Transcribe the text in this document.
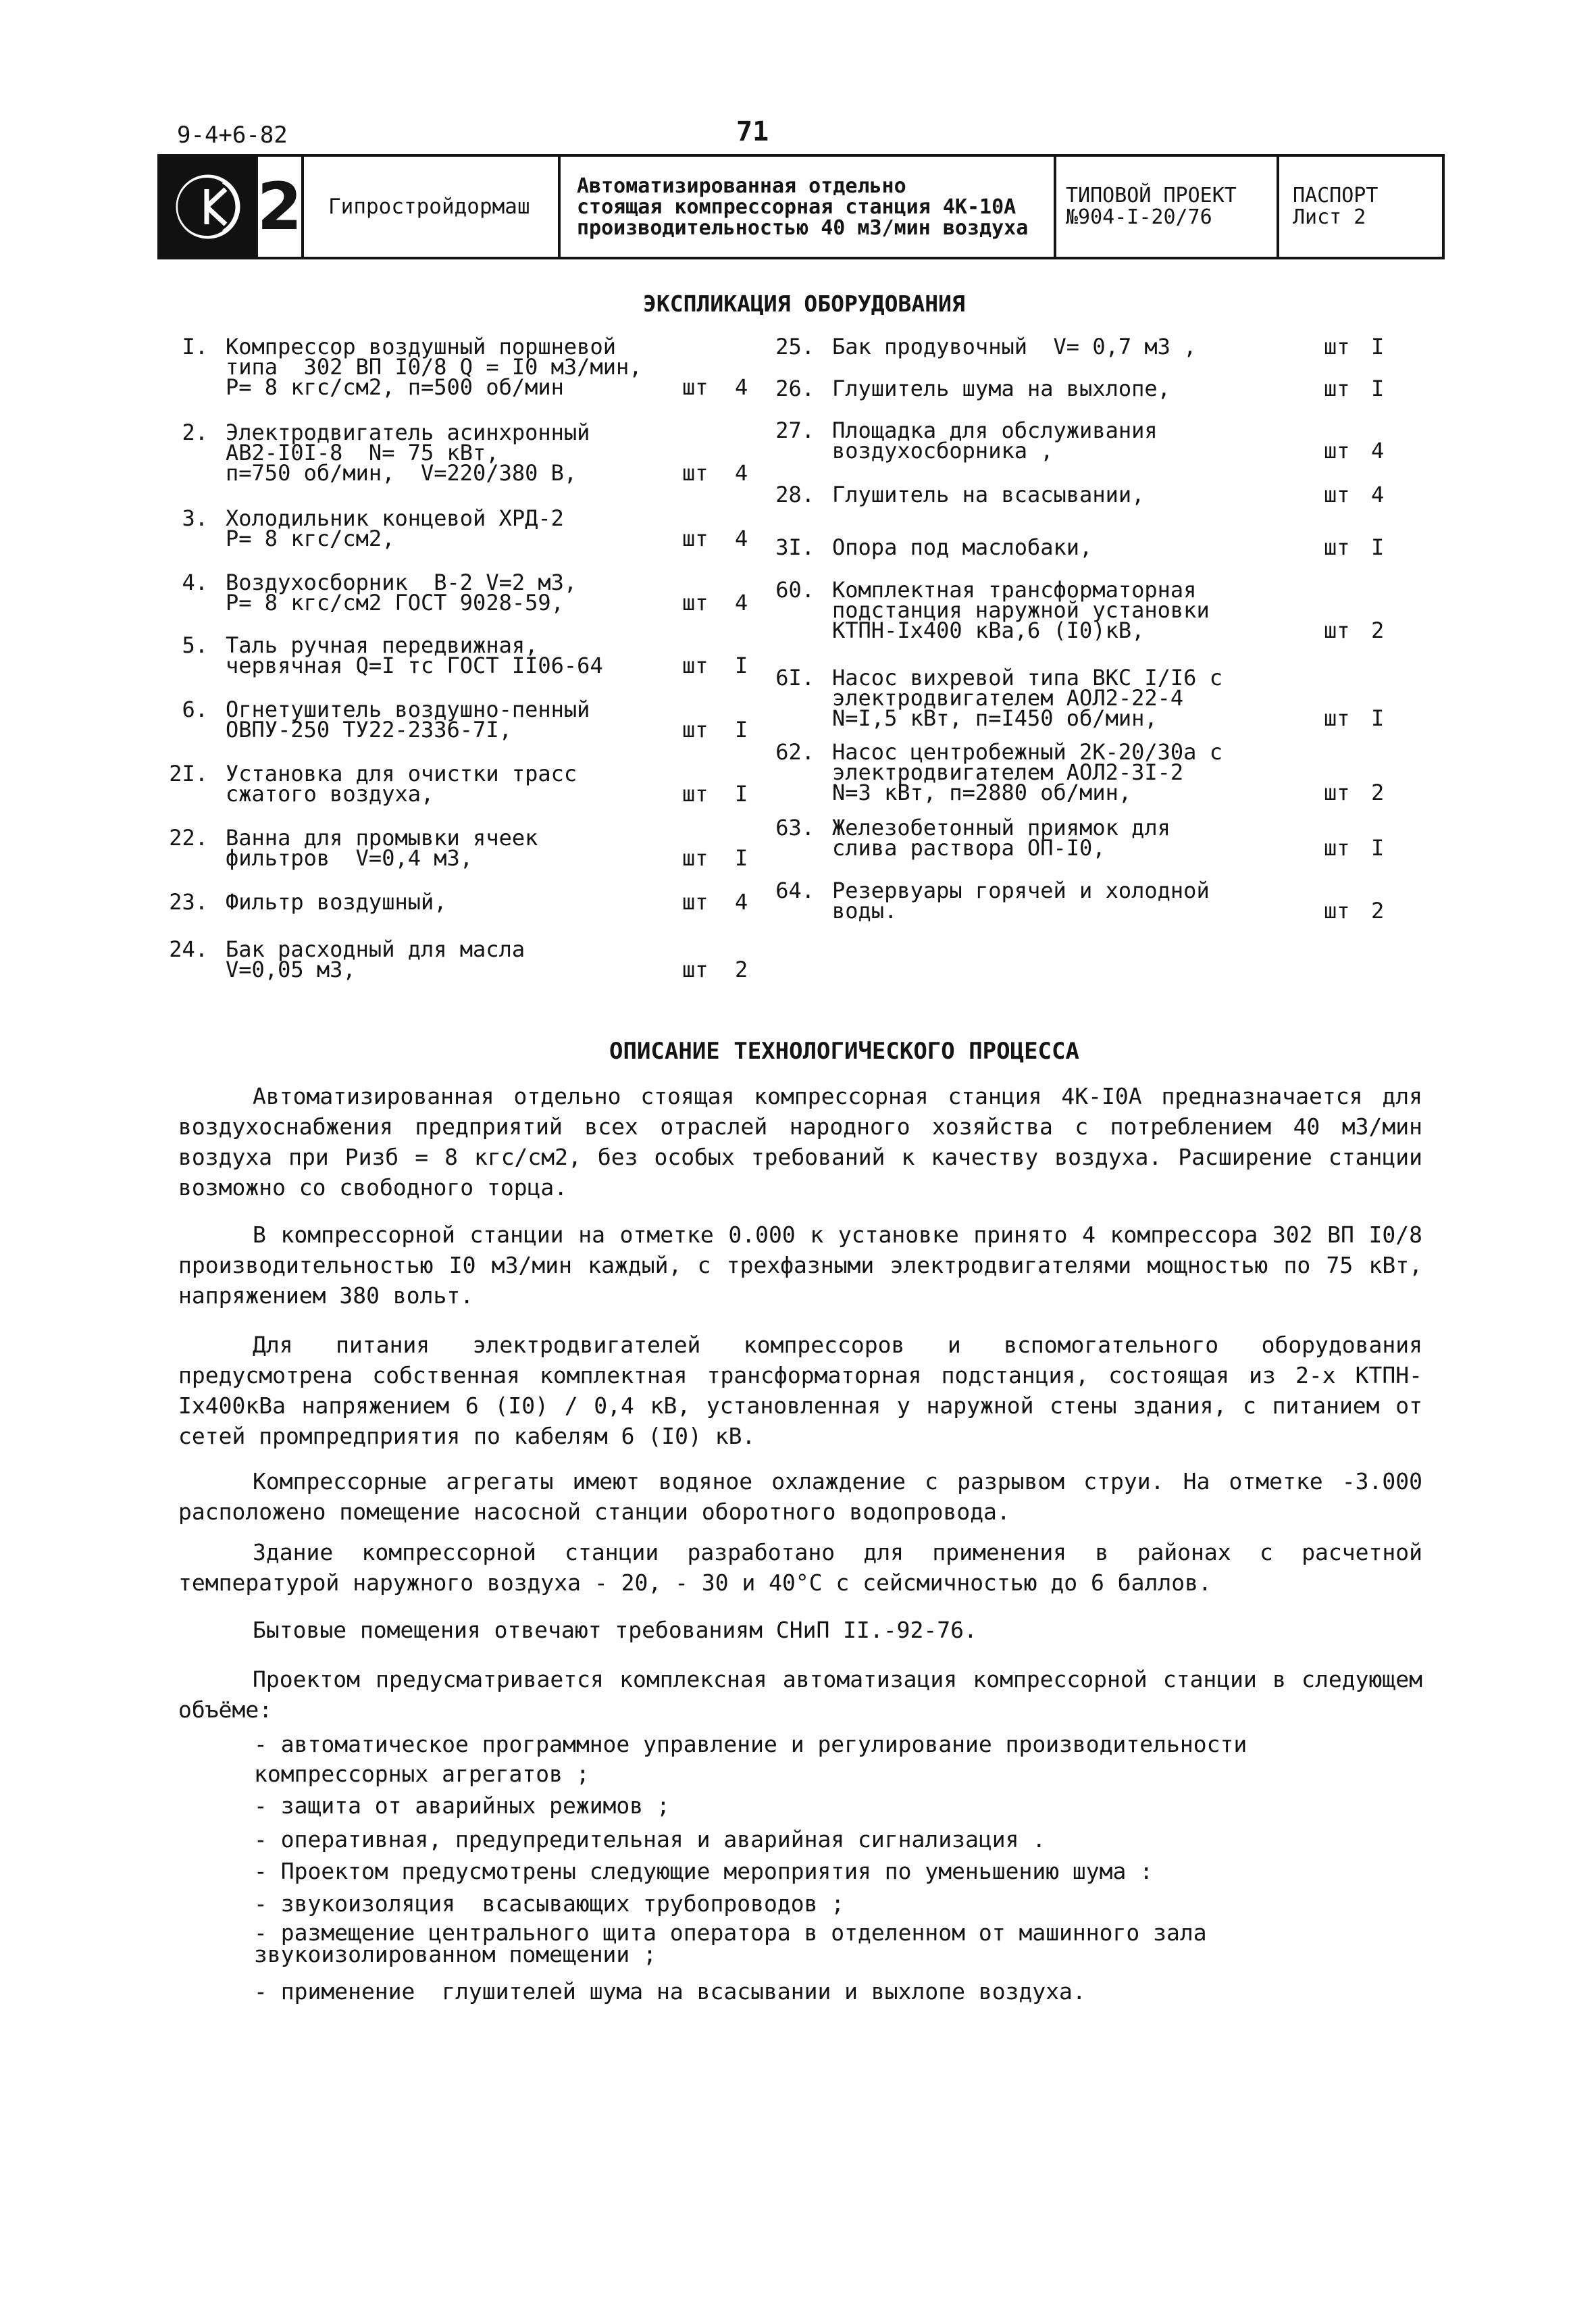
9-4+6-82	71
2	Гипростройдормаш
Автоматизированная отдельно
стоящая компрессорная станция 4К-10А
производительностью 40 м3/мин воздуха
ТИПОВОЙ ПРОЕКТ
№904-I-20/76
ПАСПОРТ
Лист 2
ЭКСПЛИКАЦИЯ ОБОРУДОВАНИЯ
I. Компрессор воздушный поршневой
типа  302 ВП I0/8 Q = I0 м3/мин,
P= 8 кгс/см2, п=500 об/мин	шт 4
2. Электродвигатель асинхронный
АВ2-I0I-8  N= 75 кВт,
п=750 об/мин,  V=220/380 В,	шт 4
3. Холодильник концевой ХРД-2
P= 8 кгс/см2,	шт 4
4. Воздухосборник  В-2 V=2 м3,
P= 8 кгс/см2 ГОСТ 9028-59,	шт 4
5. Таль ручная передвижная,
червячная Q=I тс ГОСТ II06-64	шт I
6. Огнетушитель воздушно-пенный
ОВПУ-250 ТУ22-2336-7I,	шт I
2I. Установка для очистки трасс
сжатого воздуха,	шт I
22. Ванна для промывки ячеек
фильтров  V=0,4 м3,	шт I
23. Фильтр воздушный,	шт 4
24. Бак расходный для масла
V=0,05 м3,	шт 2
25. Бак продувочный  V= 0,7 м3 ,	шт I
26. Глушитель шума на выхлопе,	шт I
27. Площадка для обслуживания
воздухосборника ,	шт 4
28. Глушитель на всасывании,	шт 4
3I. Опора под маслобаки,	шт I
60. Комплектная трансформаторная
подстанция наружной установки
КТПН-Iх400 кВа,6 (I0)кВ,	шт 2
6I. Насос вихревой типа ВКС I/I6 с
электродвигателем АОЛ2-22-4
N=I,5 кВт, п=I450 об/мин,	шт I
62. Насос центробежный 2К-20/30а с
электродвигателем АОЛ2-3I-2
N=3 кВт, п=2880 об/мин,	шт 2
63. Железобетонный приямок для
слива раствора ОП-I0,	шт I
64. Резервуары горячей и холодной
воды.	шт 2
ОПИСАНИЕ ТЕХНОЛОГИЧЕСКОГО ПРОЦЕССА
Автоматизированная отдельно стоящая компрессорная станция 4К-I0А предназначается для воздухоснабжения предприятий всех отраслей народного хозяйства с потреблением 40 м3/мин воздуха при Ризб = 8 кгс/см2, без особых требований к качеству воздуха. Расширение станции возможно со свободного торца.
В компрессорной станции на отметке 0.000 к установке принято 4 компрессора 302 ВП I0/8 производительностью I0 м3/мин каждый, с трехфазными электродвигателями мощностью по 75 кВт, напряжением 380 вольт.
Для питания электродвигателей компрессоров и вспомогательного оборудования предусмотрена собственная комплектная трансформаторная подстанция, состоящая из 2-х КТПН-Iх400кВа напряжением 6 (I0) / 0,4 кВ, установленная у наружной стены здания, с питанием от сетей промпредприятия по кабелям 6 (I0) кВ.
Компрессорные агрегаты имеют водяное охлаждение с разрывом струи. На отметке -3.000 расположено помещение насосной станции оборотного водопровода.
Здание компрессорной станции разработано для применения в районах с расчетной температурой наружного воздуха - 20, - 30 и 40°С с сейсмичностью до 6 баллов.
Бытовые помещения отвечают требованиям СНиП II.-92-76.
Проектом предусматривается комплексная автоматизация компрессорной станции в следующем объёме:
- автоматическое программное управление и регулирование производительности компрессорных агрегатов ;
- защита от аварийных режимов ;
- оперативная, предупредительная и аварийная сигнализация .
- Проектом предусмотрены следующие мероприятия по уменьшению шума :
- звукоизоляция  всасывающих трубопроводов ;
- размещение центрального щита оператора в отделенном от машинного зала звукоизолированном помещении ;
- применение  глушителей шума на всасывании и выхлопе воздуха.
